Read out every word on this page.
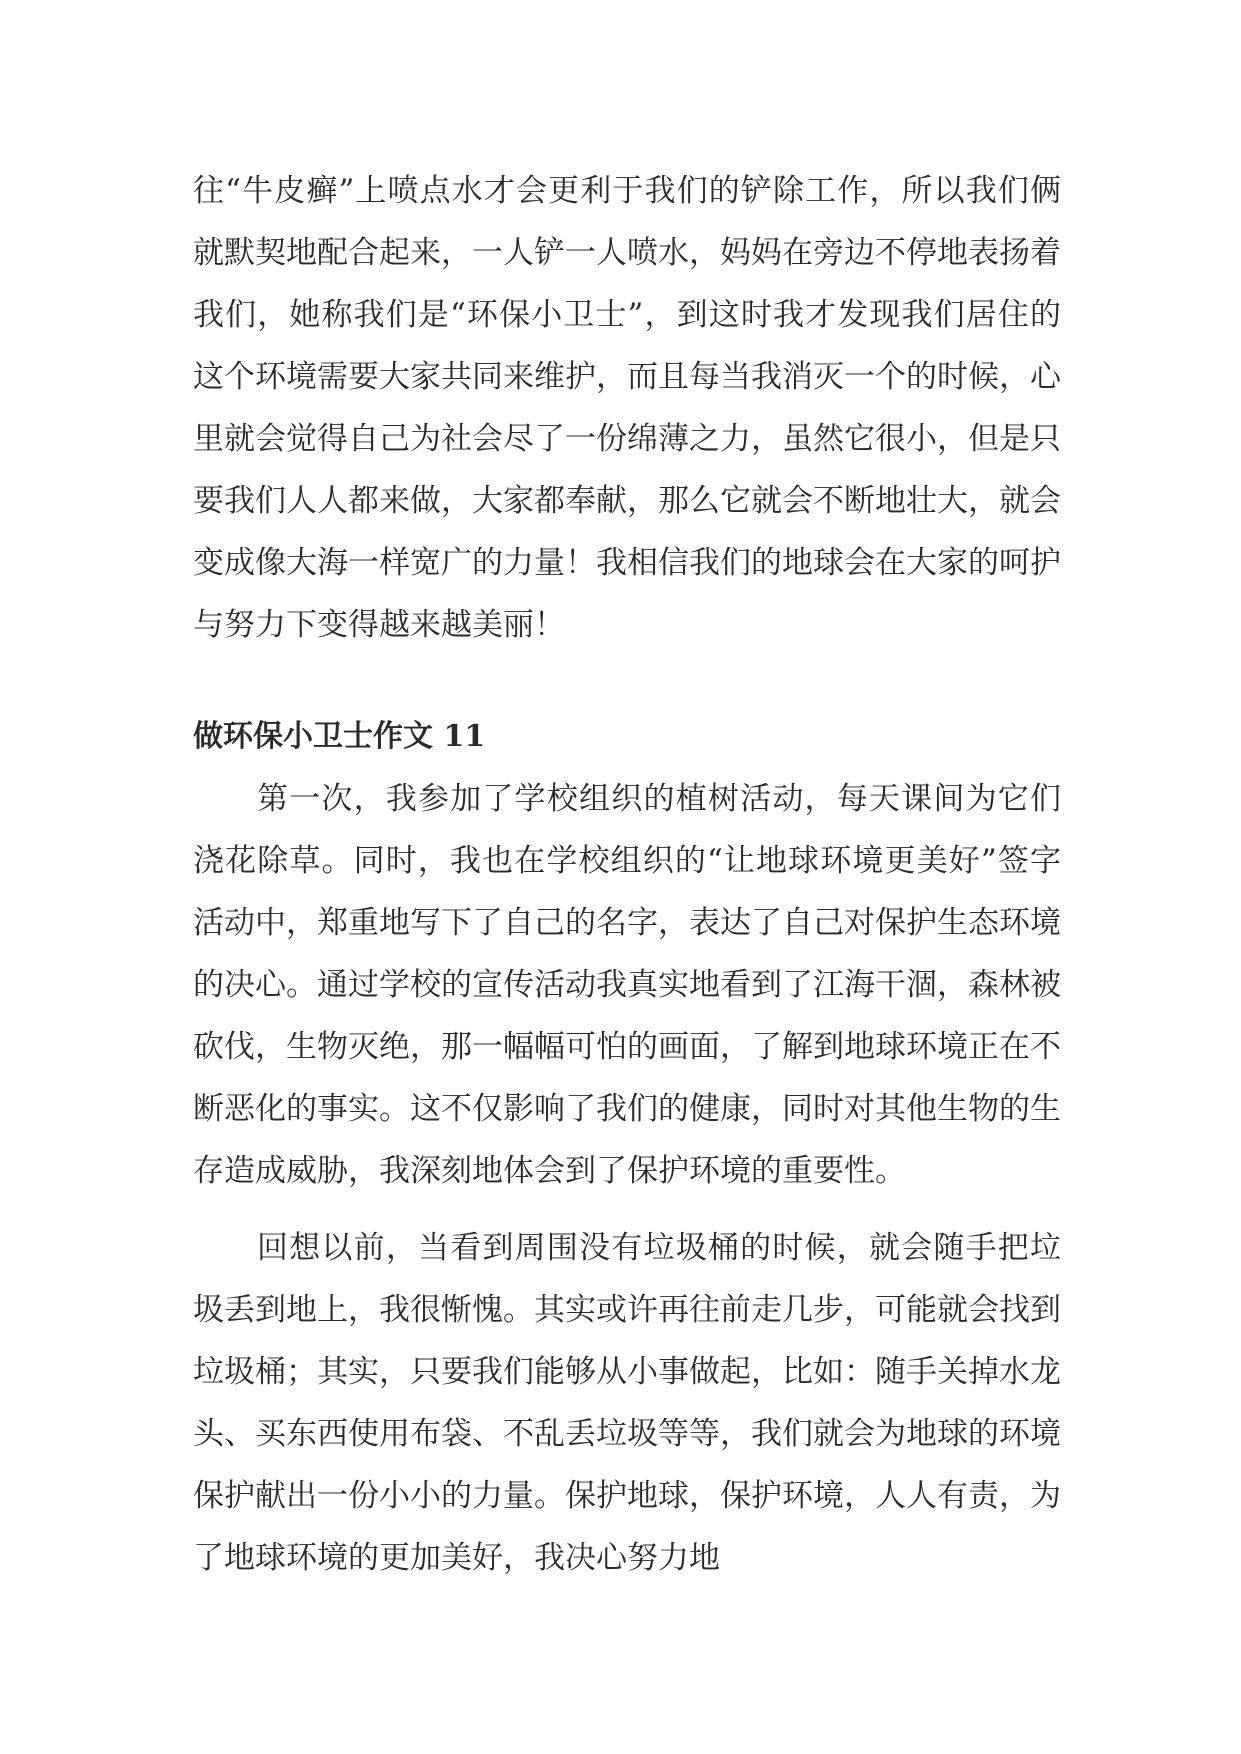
往“牛皮癣”上喷点水才会更利于我们的铲除工作，所以我们俩就默契地配合起来，一人铲一人喷水，妈妈在旁边不停地表扬着我们，她称我们是“环保小卫士”，到这时我才发现我们居住的这个环境需要大家共同来维护，而且每当我消灭一个的时候，心里就会觉得自己为社会尽了一份绵薄之力，虽然它很小，但是只要我们人人都来做，大家都奉献，那么它就会不断地壮大，就会变成像大海一样宽广的力量！我相信我们的地球会在大家的呵护与努力下变得越来越美丽！

做环保小卫士作文 11

第一次，我参加了学校组织的植树活动，每天课间为它们浇花除草。同时，我也在学校组织的“让地球环境更美好”签字活动中，郑重地写下了自己的名字，表达了自己对保护生态环境的决心。通过学校的宣传活动我真实地看到了江海干涸，森林被砍伐，生物灭绝，那一幅幅可怕的画面，了解到地球环境正在不断恶化的事实。这不仅影响了我们的健康，同时对其他生物的生存造成威胁，我深刻地体会到了保护环境的重要性。

回想以前，当看到周围没有垃圾桶的时候，就会随手把垃圾丢到地上，我很惭愧。其实或许再往前走几步，可能就会找到垃圾桶；其实，只要我们能够从小事做起，比如：随手关掉水龙头、买东西使用布袋、不乱丢垃圾等等，我们就会为地球的环境保护献出一份小小的力量。保护地球，保护环境，人人有责，为了地球环境的更加美好，我决心努力地
